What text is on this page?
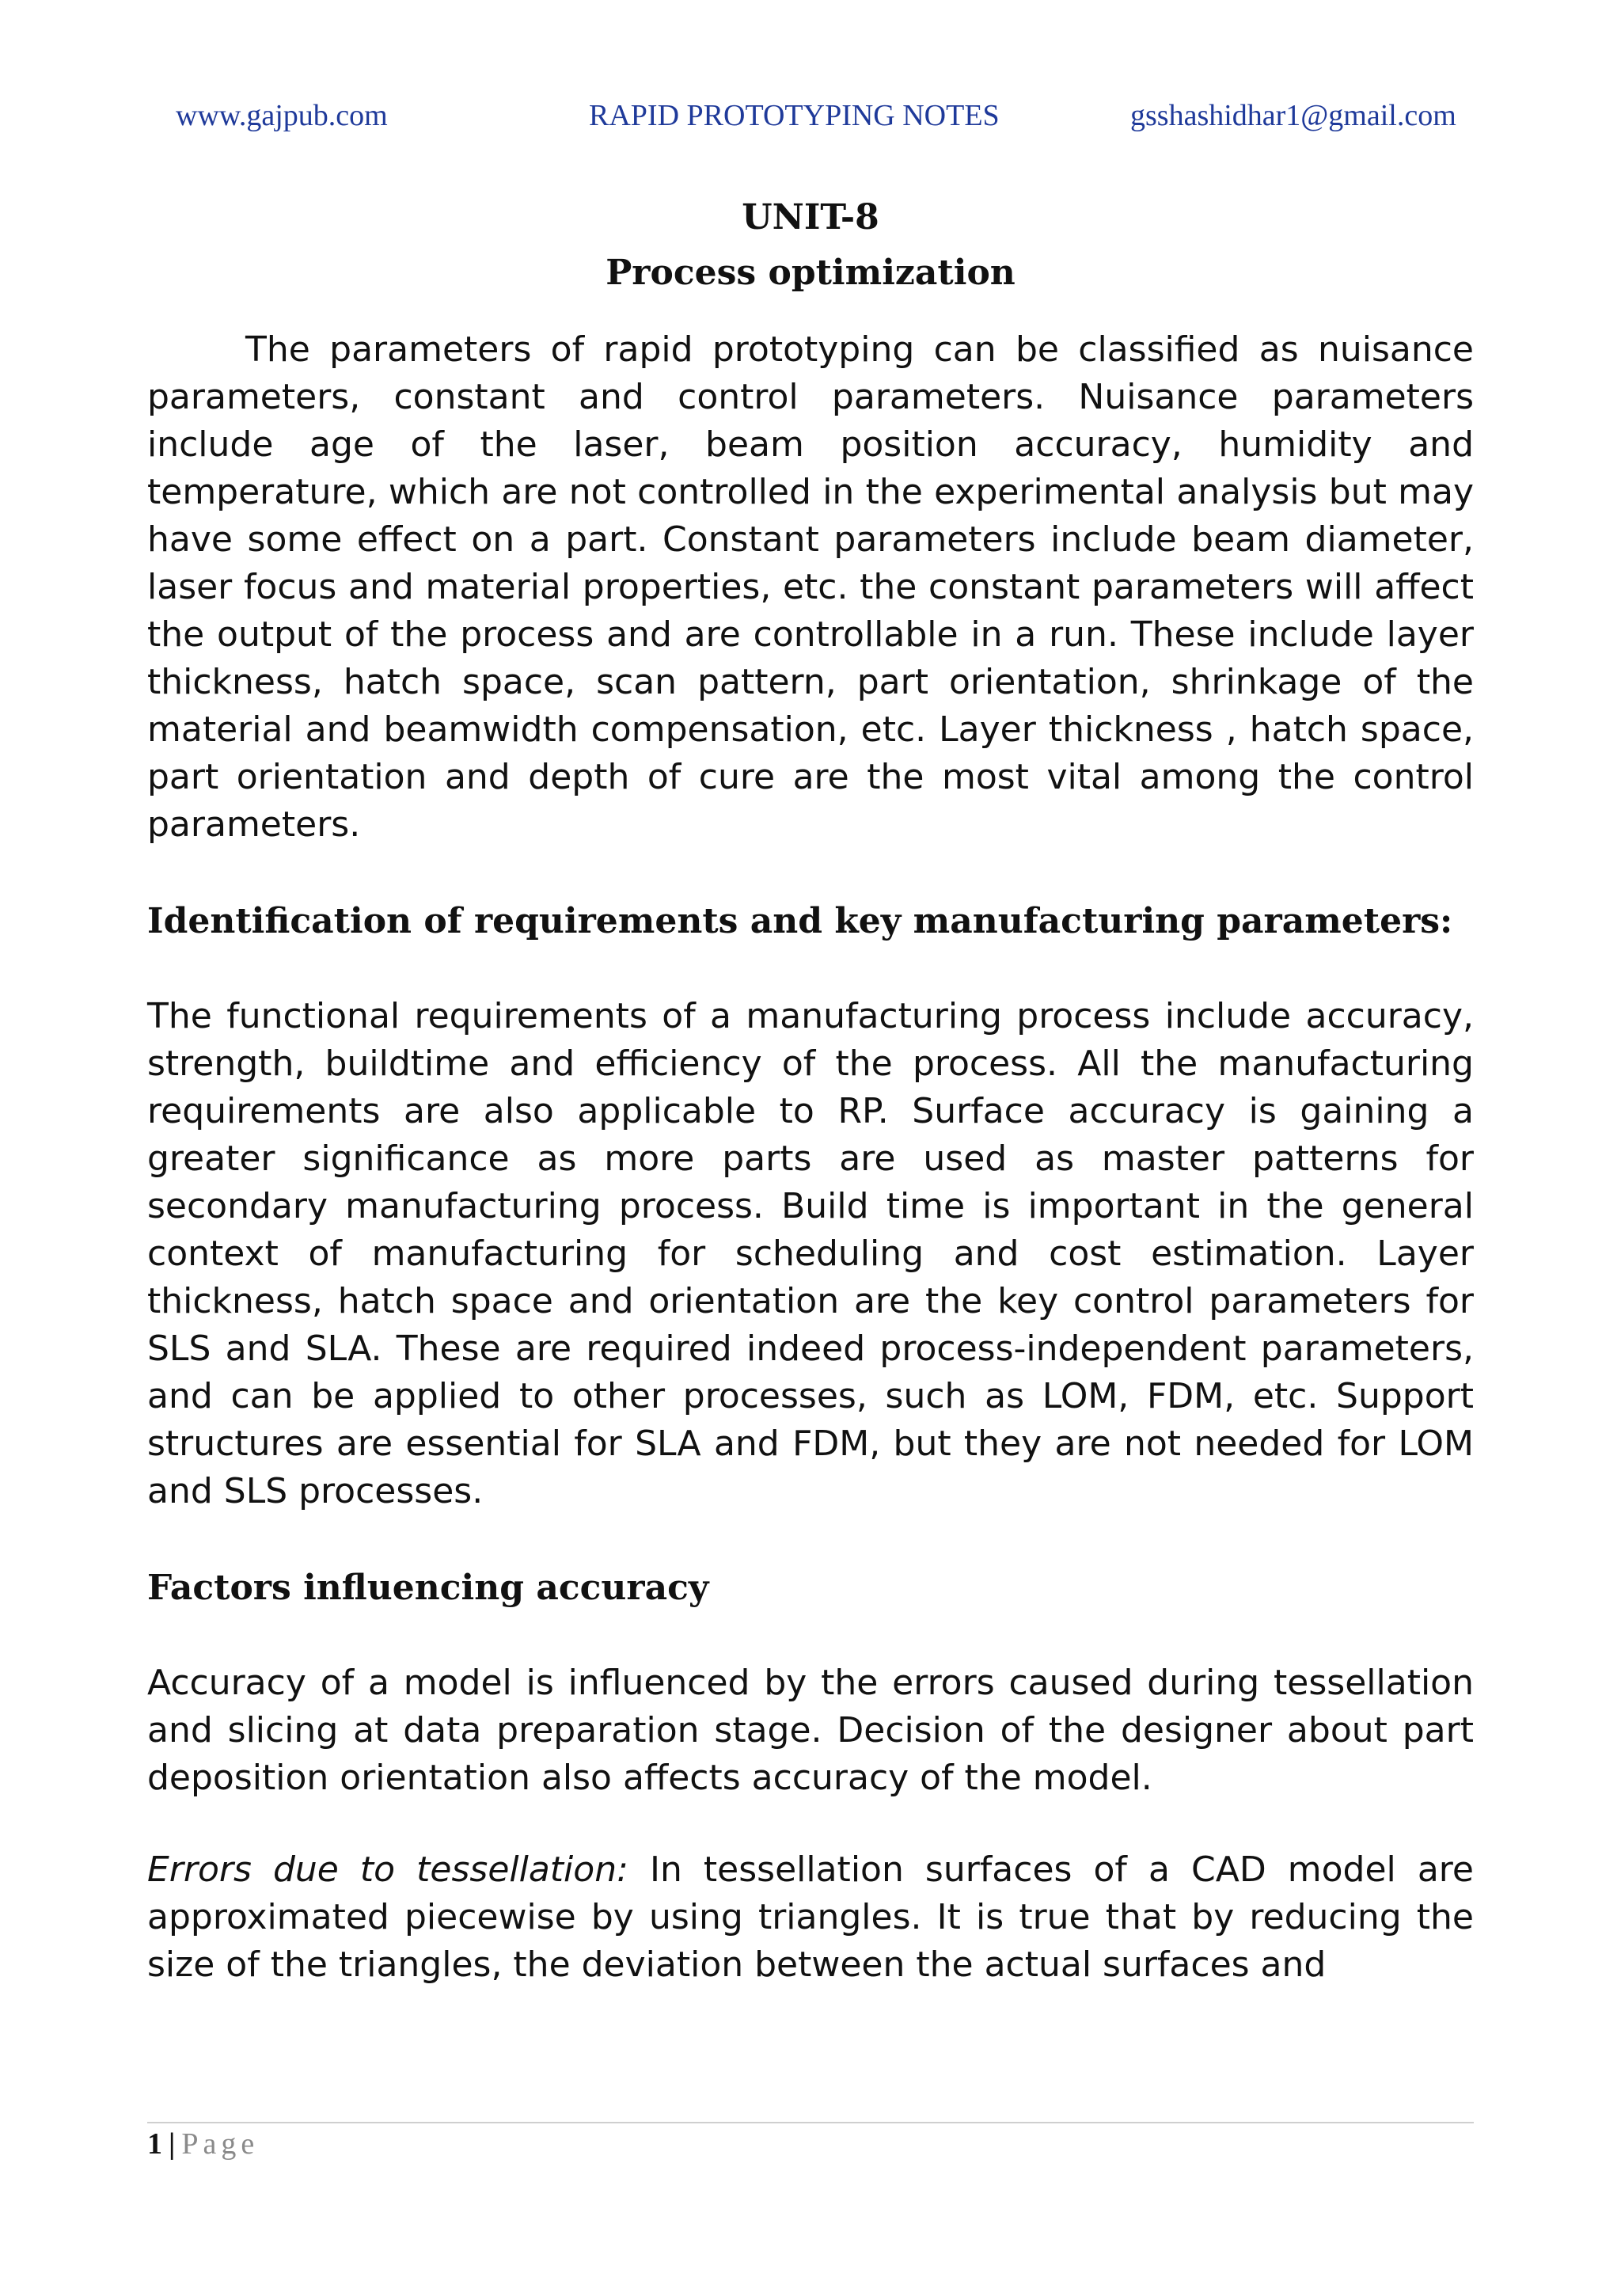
www.gajpub.com	RAPID PROTOTYPING NOTES	gsshashidhar1@gmail.com
UNIT-8
Process optimization

The parameters of rapid prototyping can be classified as nuisance parameters, constant and control parameters. Nuisance parameters include age of the laser, beam position accuracy, humidity and temperature, which are not controlled in the experimental analysis but may have some effect on a part. Constant parameters include beam diameter, laser focus and material properties, etc. the constant parameters will affect the output of the process and are controllable in a run. These include layer thickness, hatch space, scan pattern, part orientation, shrinkage of the material and beamwidth compensation, etc. Layer thickness , hatch space, part orientation and depth of cure are the most vital among the control parameters.

Identification of requirements and key manufacturing parameters:

The functional requirements of a manufacturing process include accuracy, strength, buildtime and efficiency of the process. All the manufacturing requirements are also applicable to RP. Surface accuracy is gaining a greater significance as more parts are used as master patterns for secondary manufacturing process. Build time is important in the general context of manufacturing for scheduling and cost estimation. Layer thickness, hatch space and orientation are the key control parameters for SLS and SLA. These are required indeed process-independent parameters, and can be applied to other processes, such as LOM, FDM, etc. Support structures are essential for SLA and FDM, but they are not needed for LOM and SLS processes.

Factors influencing accuracy

Accuracy of a model is influenced by the errors caused during tessellation and slicing at data preparation stage. Decision of the designer about part deposition orientation also affects accuracy of the model.

Errors due to tessellation: In tessellation surfaces of a CAD model are approximated piecewise by using triangles. It is true that by reducing the size of the triangles, the deviation between the actual surfaces and

1 | Page
